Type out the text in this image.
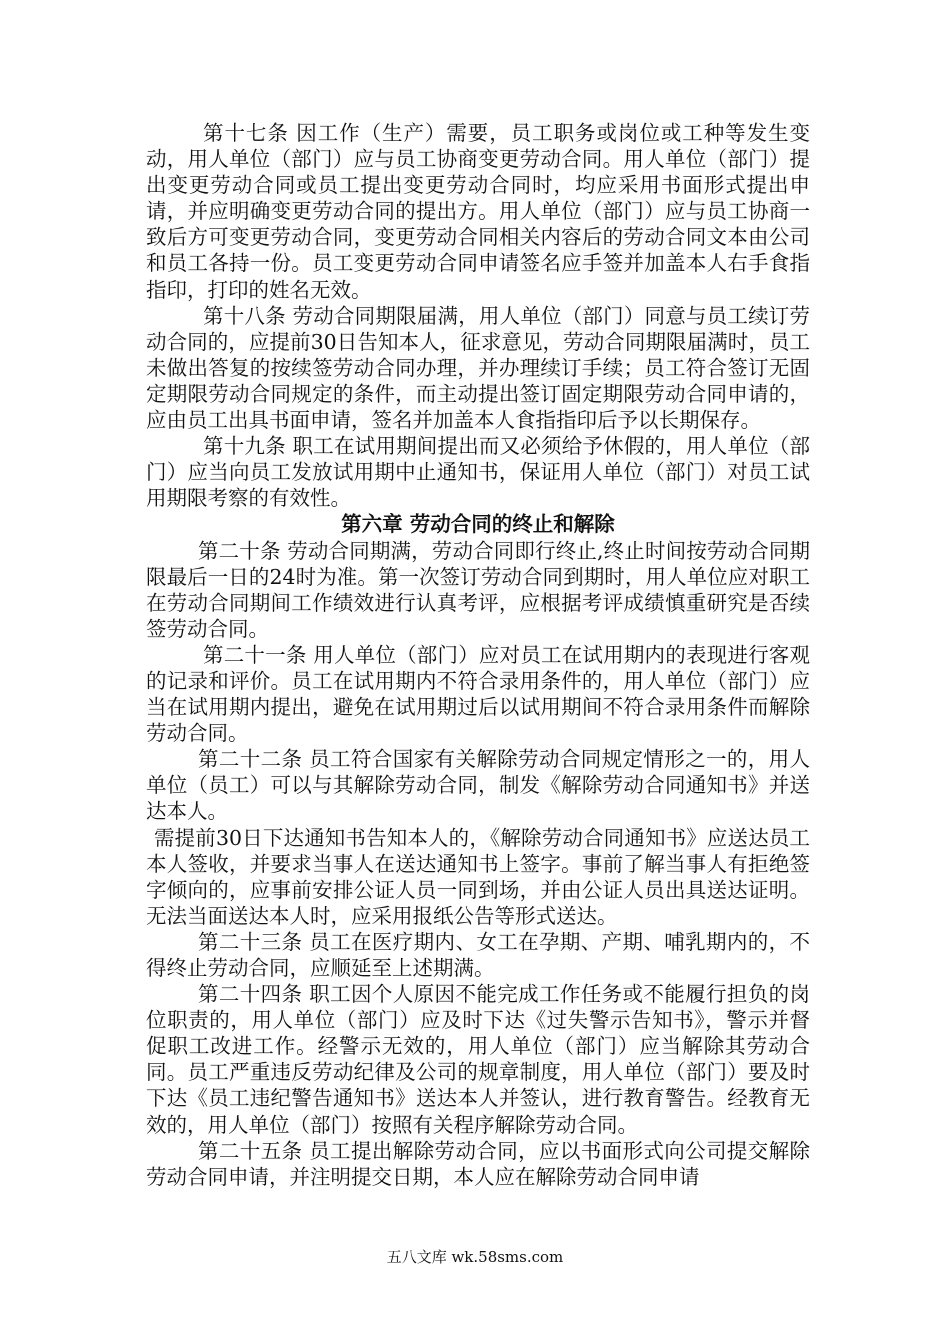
第十七条 因工作（生产）需要，员工职务或岗位或工种等发生变动，用人单位（部门）应与员工协商变更劳动合同。用人单位（部门）提出变更劳动合同或员工提出变更劳动合同时，均应采用书面形式提出申请，并应明确变更劳动合同的提出方。用人单位（部门）应与员工协商一致后方可变更劳动合同，变更劳动合同相关内容后的劳动合同文本由公司和员工各持一份。员工变更劳动合同申请签名应手签并加盖本人右手食指指印，打印的姓名无效。

第十八条 劳动合同期限届满，用人单位（部门）同意与员工续订劳动合同的，应提前30日告知本人，征求意见，劳动合同期限届满时，员工未做出答复的按续签劳动合同办理，并办理续订手续；员工符合签订无固定期限劳动合同规定的条件，而主动提出签订固定期限劳动合同申请的，应由员工出具书面申请，签名并加盖本人食指指印后予以长期保存。

第十九条 职工在试用期间提出而又必须给予休假的，用人单位（部门）应当向员工发放试用期中止通知书，保证用人单位（部门）对员工试用期限考察的有效性。

第六章 劳动合同的终止和解除

第二十条 劳动合同期满，劳动合同即行终止,终止时间按劳动合同期限最后一日的24时为准。第一次签订劳动合同到期时，用人单位应对职工在劳动合同期间工作绩效进行认真考评，应根据考评成绩慎重研究是否续签劳动合同。

第二十一条 用人单位（部门）应对员工在试用期内的表现进行客观的记录和评价。员工在试用期内不符合录用条件的，用人单位（部门）应当在试用期内提出，避免在试用期过后以试用期间不符合录用条件而解除劳动合同。

第二十二条 员工符合国家有关解除劳动合同规定情形之一的，用人单位（员工）可以与其解除劳动合同，制发《解除劳动合同通知书》并送达本人。

需提前30日下达通知书告知本人的，《解除劳动合同通知书》应送达员工本人签收，并要求当事人在送达通知书上签字。事前了解当事人有拒绝签字倾向的，应事前安排公证人员一同到场，并由公证人员出具送达证明。无法当面送达本人时，应采用报纸公告等形式送达。

第二十三条 员工在医疗期内、女工在孕期、产期、哺乳期内的，不得终止劳动合同，应顺延至上述期满。

第二十四条 职工因个人原因不能完成工作任务或不能履行担负的岗位职责的，用人单位（部门）应及时下达《过失警示告知书》，警示并督促职工改进工作。经警示无效的，用人单位（部门）应当解除其劳动合同。员工严重违反劳动纪律及公司的规章制度，用人单位（部门）要及时下达《员工违纪警告通知书》送达本人并签认，进行教育警告。经教育无效的，用人单位（部门）按照有关程序解除劳动合同。

第二十五条 员工提出解除劳动合同，应以书面形式向公司提交解除劳动合同申请，并注明提交日期，本人应在解除劳动合同申请

五八文库 wk.58sms.com
